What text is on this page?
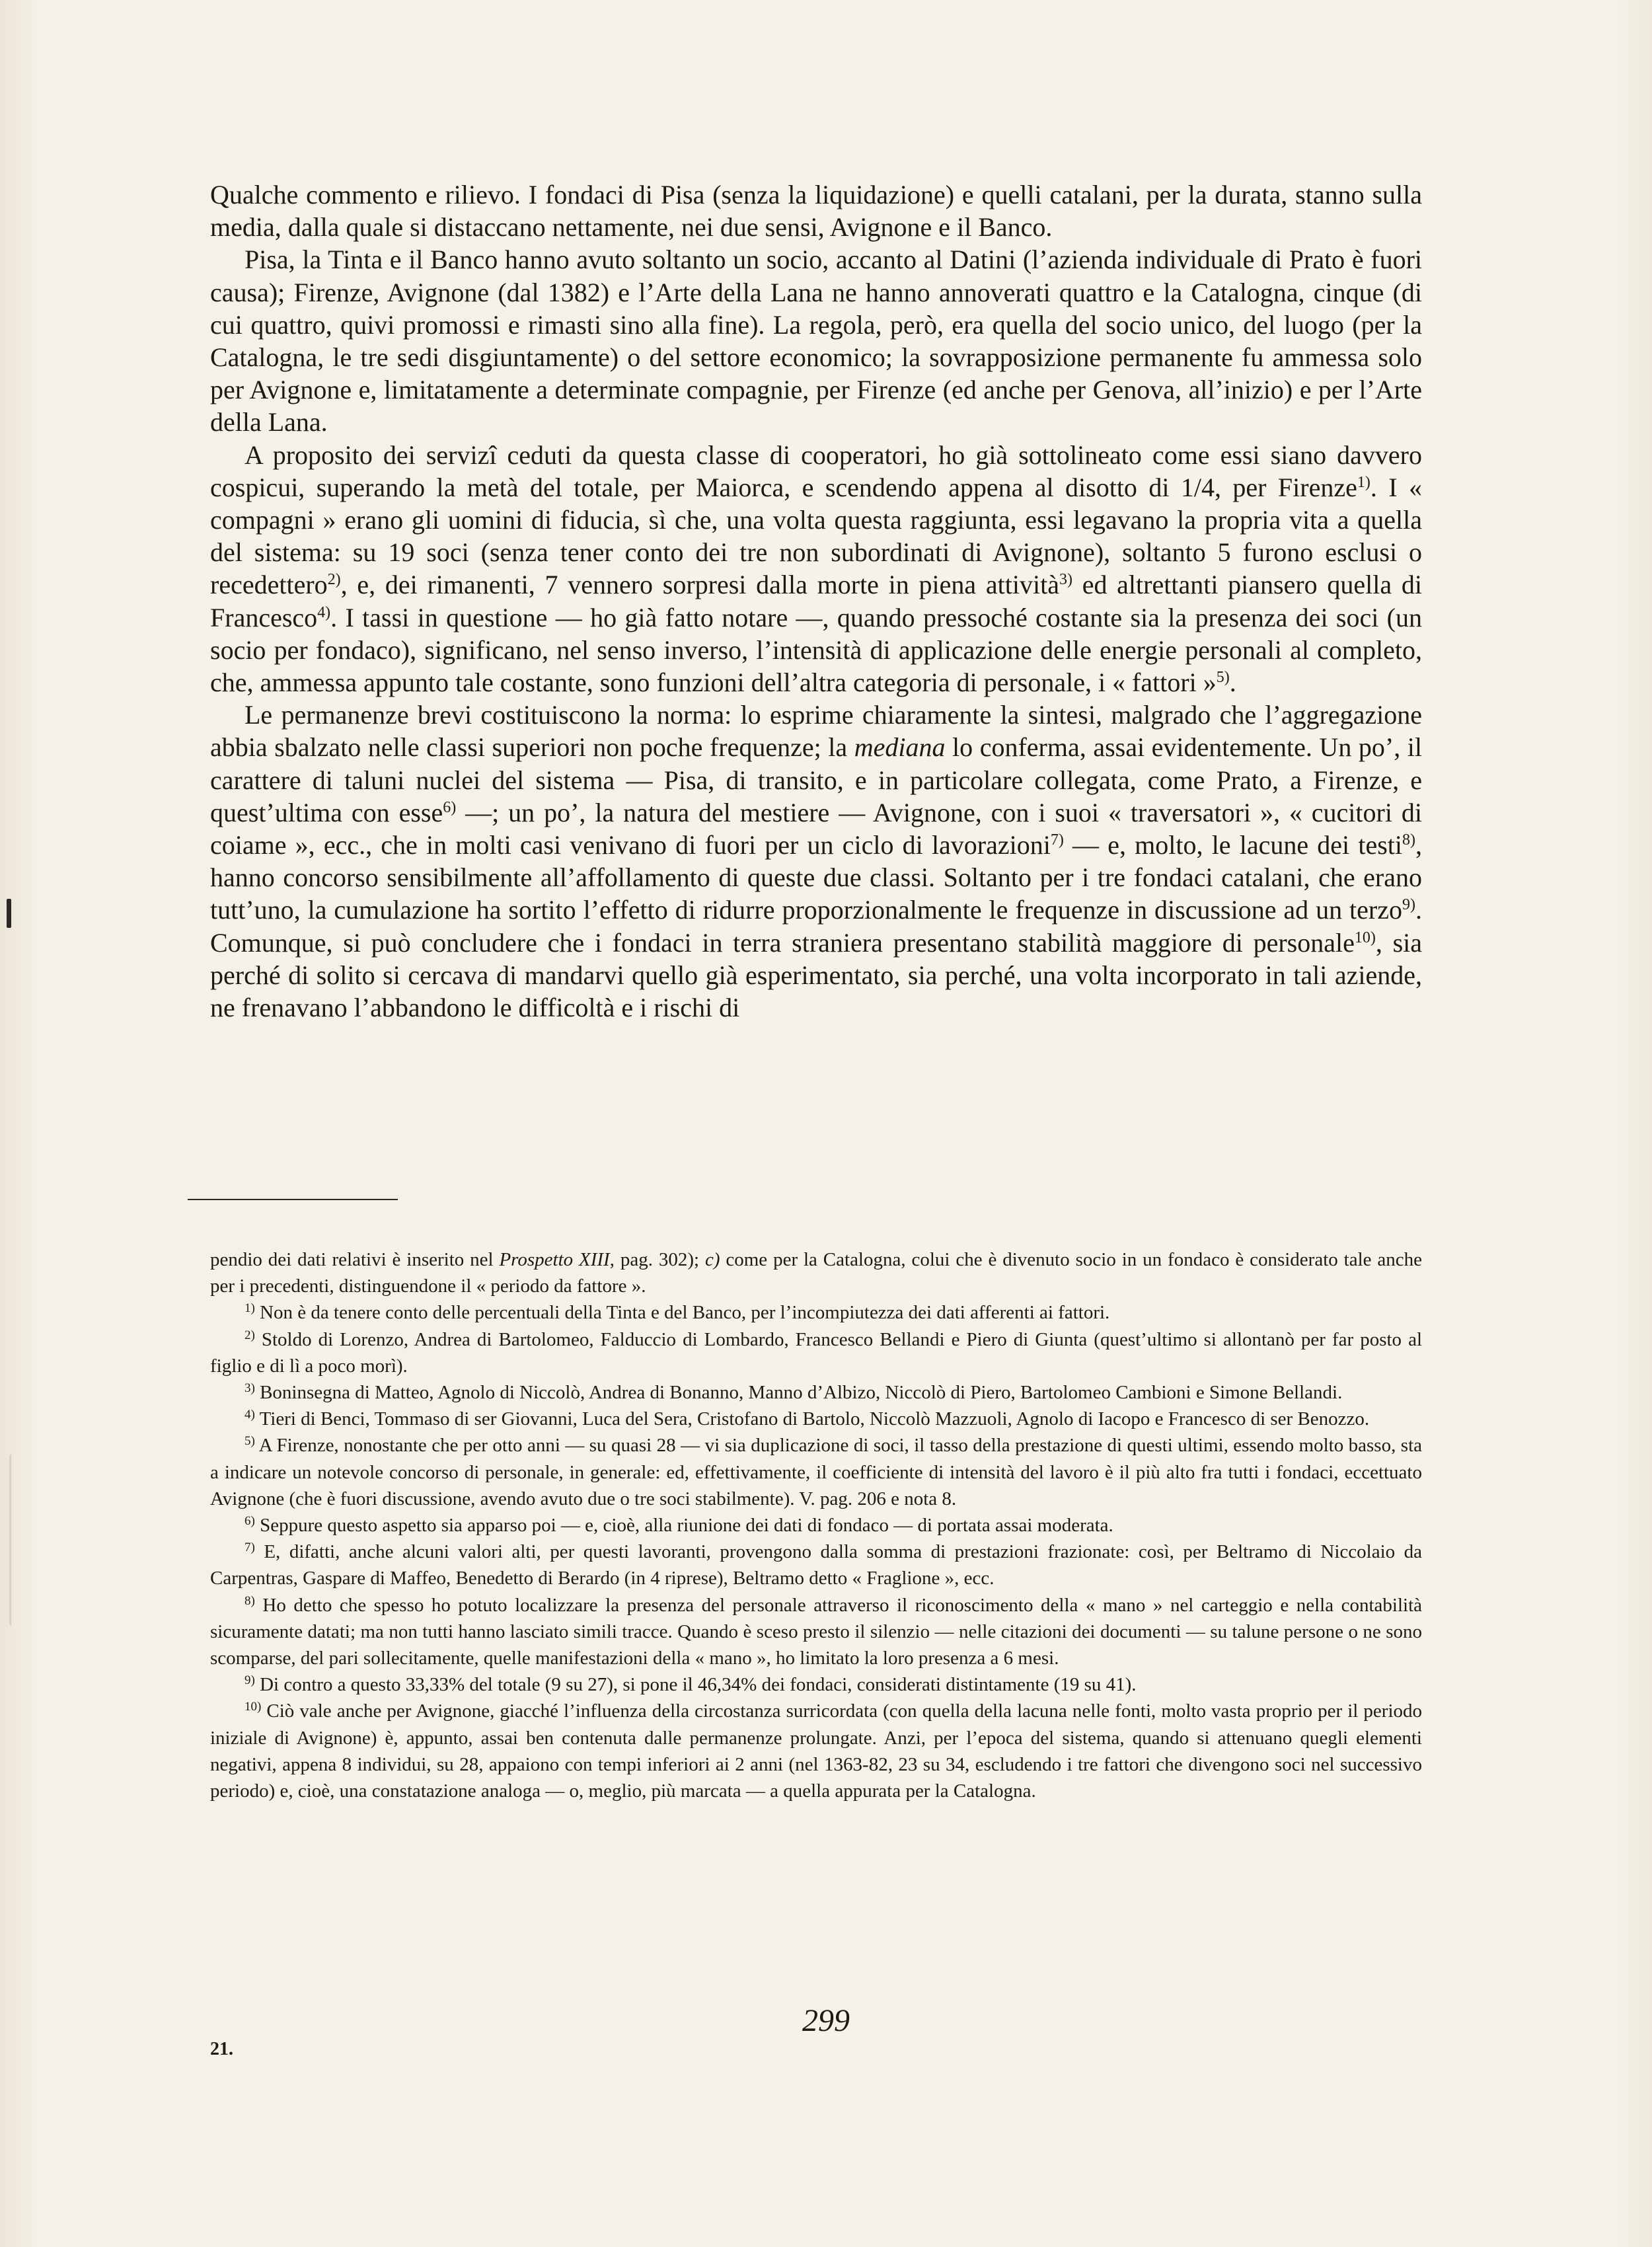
Qualche commento e rilievo. I fondaci di Pisa (senza la liquidazione) e quelli catalani, per la durata, stanno sulla media, dalla quale si distaccano nettamente, nei due sensi, Avignone e il Banco.

Pisa, la Tinta e il Banco hanno avuto soltanto un socio, accanto al Datini (l’azienda individuale di Prato è fuori causa); Firenze, Avignone (dal 1382) e l’Arte della Lana ne hanno annoverati quattro e la Catalogna, cinque (di cui quattro, quivi promossi e rimasti sino alla fine). La regola, però, era quella del socio unico, del luogo (per la Catalogna, le tre sedi disgiuntamente) o del settore economico; la sovrapposizione permanente fu ammessa solo per Avignone e, limitatamente a determinate compagnie, per Firenze (ed anche per Genova, all’inizio) e per l’Arte della Lana.

A proposito dei servizî ceduti da questa classe di cooperatori, ho già sottolineato come essi siano davvero cospicui, superando la metà del totale, per Maiorca, e scendendo appena al disotto di 1/4, per Firenze$^{1)}$. I « compagni » erano gli uomini di fiducia, sì che, una volta questa raggiunta, essi legavano la propria vita a quella del sistema: su 19 soci (senza tener conto dei tre non subordinati di Avignone), soltanto 5 furono esclusi o recedettero$^{2)}$, e, dei rimanenti, 7 vennero sorpresi dalla morte in piena attività$^{3)}$ ed altrettanti piansero quella di Francesco$^{4)}$. I tassi in questione — ho già fatto notare —, quando pressoché costante sia la presenza dei soci (un socio per fondaco), significano, nel senso inverso, l’intensità di applicazione delle energie personali al completo, che, ammessa appunto tale costante, sono funzioni dell’altra categoria di personale, i « fattori »$^{5)}$.

Le permanenze brevi costituiscono la norma: lo esprime chiaramente la sintesi, malgrado che l’aggregazione abbia sbalzato nelle classi superiori non poche frequenze; la mediana lo conferma, assai evidentemente. Un po’, il carattere di taluni nuclei del sistema — Pisa, di transito, e in particolare collegata, come Prato, a Firenze, e quest’ultima con esse$^{6)}$ —; un po’, la natura del mestiere — Avignone, con i suoi « traversatori », « cucitori di coiame », ecc., che in molti casi venivano di fuori per un ciclo di lavorazioni$^{7)}$ — e, molto, le lacune dei testi$^{8)}$, hanno concorso sensibilmente all’affollamento di queste due classi. Soltanto per i tre fondaci catalani, che erano tutt’uno, la cumulazione ha sortito l’effetto di ridurre proporzionalmente le frequenze in discussione ad un terzo$^{9)}$. Comunque, si può concludere che i fondaci in terra straniera presentano stabilità maggiore di personale$^{10)}$, sia perché di solito si cercava di mandarvi quello già esperimentato, sia perché, una volta incorporato in tali aziende, ne frenavano l’abbandono le difficoltà e i rischi di

pendio dei dati relativi è inserito nel Prospetto XIII, pag. 302); c) come per la Catalogna, colui che è divenuto socio in un fondaco è considerato tale anche per i precedenti, distinguendone il « periodo da fattore ».

$^{1)}$ Non è da tenere conto delle percentuali della Tinta e del Banco, per l’incompiutezza dei dati afferenti ai fattori.

$^{2)}$ Stoldo di Lorenzo, Andrea di Bartolomeo, Falduccio di Lombardo, Francesco Bellandi e Piero di Giunta (quest’ultimo si allontanò per far posto al figlio e di lì a poco morì).

$^{3)}$ Boninsegna di Matteo, Agnolo di Niccolò, Andrea di Bonanno, Manno d’Albizo, Niccolò di Piero, Bartolomeo Cambioni e Simone Bellandi.

$^{4)}$ Tieri di Benci, Tommaso di ser Giovanni, Luca del Sera, Cristofano di Bartolo, Niccolò Mazzuoli, Agnolo di Iacopo e Francesco di ser Benozzo.

$^{5)}$ A Firenze, nonostante che per otto anni — su quasi 28 — vi sia duplicazione di soci, il tasso della prestazione di questi ultimi, essendo molto basso, sta a indicare un notevole concorso di personale, in generale: ed, effettivamente, il coefficiente di intensità del lavoro è il più alto fra tutti i fondaci, eccettuato Avignone (che è fuori discussione, avendo avuto due o tre soci stabilmente). V. pag. 206 e nota 8.

$^{6)}$ Seppure questo aspetto sia apparso poi — e, cioè, alla riunione dei dati di fondaco — di portata assai moderata.

$^{7)}$ E, difatti, anche alcuni valori alti, per questi lavoranti, provengono dalla somma di prestazioni frazionate: così, per Beltramo di Niccolaio da Carpentras, Gaspare di Maffeo, Benedetto di Berardo (in 4 riprese), Beltramo detto « Fraglione », ecc.

$^{8)}$ Ho detto che spesso ho potuto localizzare la presenza del personale attraverso il riconoscimento della « mano » nel carteggio e nella contabilità sicuramente datati; ma non tutti hanno lasciato simili tracce. Quando è sceso presto il silenzio — nelle citazioni dei documenti — su talune persone o ne sono scomparse, del pari sollecitamente, quelle manifestazioni della « mano », ho limitato la loro presenza a 6 mesi.

$^{9)}$ Di contro a questo 33,33% del totale (9 su 27), si pone il 46,34% dei fondaci, considerati distintamente (19 su 41).

$^{10)}$ Ciò vale anche per Avignone, giacché l’influenza della circostanza surricordata (con quella della lacuna nelle fonti, molto vasta proprio per il periodo iniziale di Avignone) è, appunto, assai ben contenuta dalle permanenze prolungate. Anzi, per l’epoca del sistema, quando si attenuano quegli elementi negativi, appena 8 individui, su 28, appaiono con tempi inferiori ai 2 anni (nel 1363-82, 23 su 34, escludendo i tre fattori che divengono soci nel successivo periodo) e, cioè, una constatazione analoga — o, meglio, più marcata — a quella appurata per la Catalogna.

299
21.
